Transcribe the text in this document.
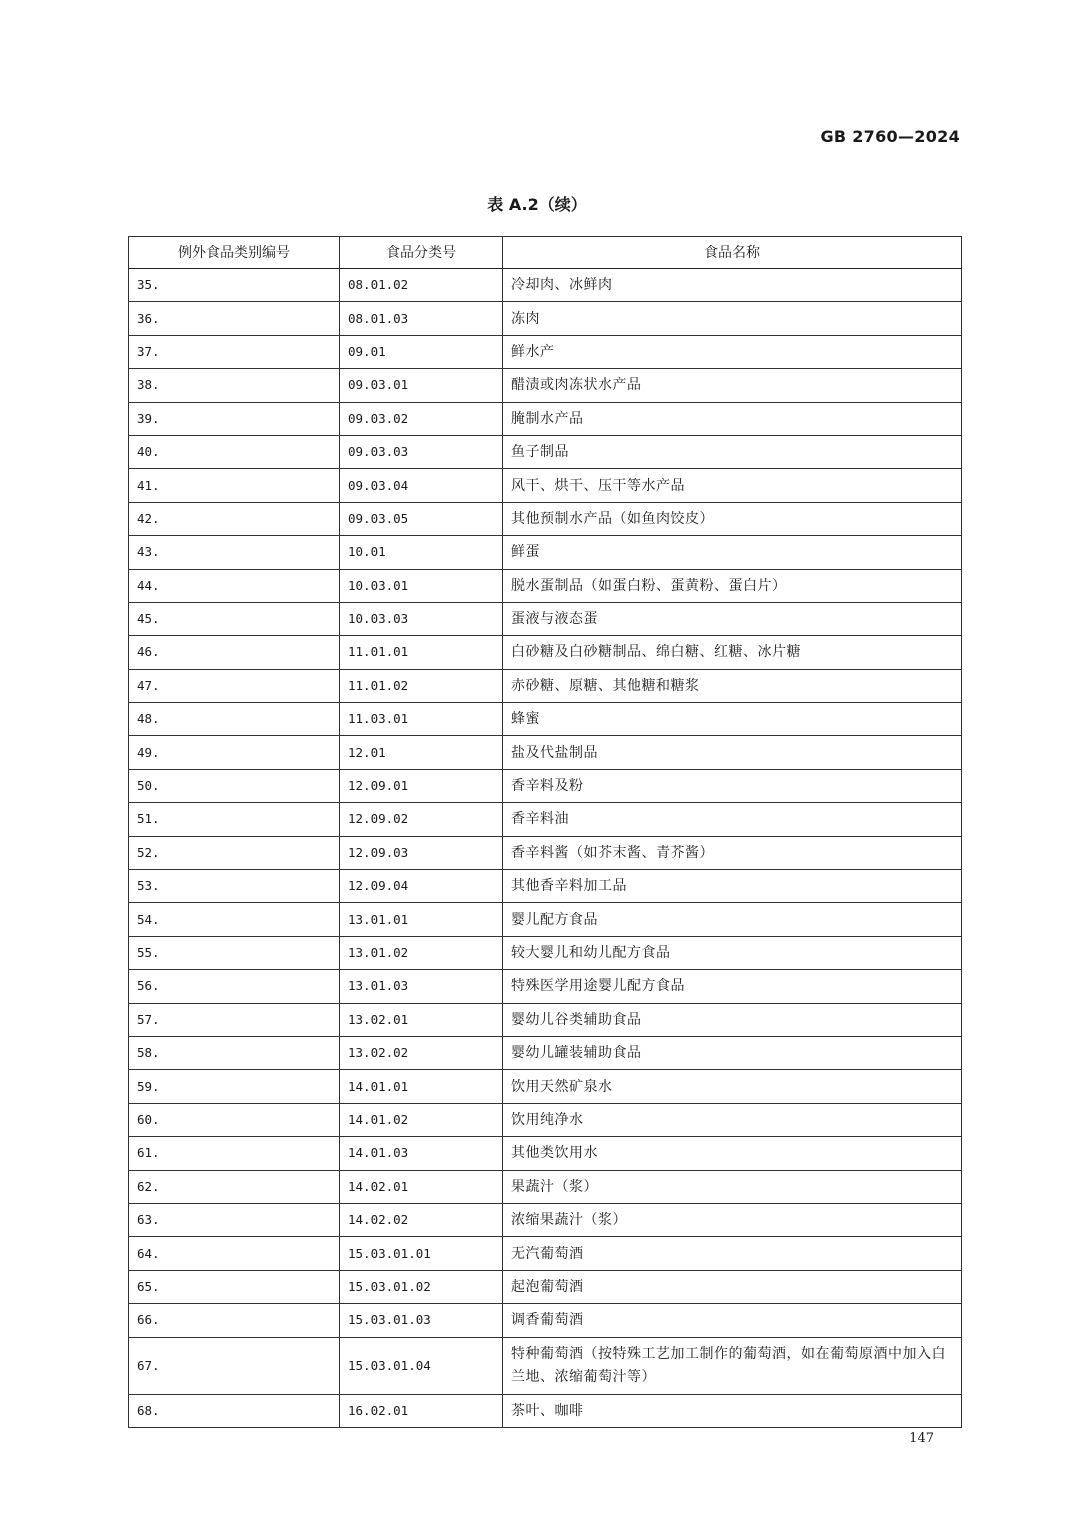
GB 2760—2024
表 A.2（续）
例外食品类别编号	食品分类号	食品名称
35.	08.01.02	冷却肉、冰鲜肉
36.	08.01.03	冻肉
37.	09.01	鲜水产
38.	09.03.01	醋渍或肉冻状水产品
39.	09.03.02	腌制水产品
40.	09.03.03	鱼子制品
41.	09.03.04	风干、烘干、压干等水产品
42.	09.03.05	其他预制水产品（如鱼肉饺皮）
43.	10.01	鲜蛋
44.	10.03.01	脱水蛋制品（如蛋白粉、蛋黄粉、蛋白片）
45.	10.03.03	蛋液与液态蛋
46.	11.01.01	白砂糖及白砂糖制品、绵白糖、红糖、冰片糖
47.	11.01.02	赤砂糖、原糖、其他糖和糖浆
48.	11.03.01	蜂蜜
49.	12.01	盐及代盐制品
50.	12.09.01	香辛料及粉
51.	12.09.02	香辛料油
52.	12.09.03	香辛料酱（如芥末酱、青芥酱）
53.	12.09.04	其他香辛料加工品
54.	13.01.01	婴儿配方食品
55.	13.01.02	较大婴儿和幼儿配方食品
56.	13.01.03	特殊医学用途婴儿配方食品
57.	13.02.01	婴幼儿谷类辅助食品
58.	13.02.02	婴幼儿罐装辅助食品
59.	14.01.01	饮用天然矿泉水
60.	14.01.02	饮用纯净水
61.	14.01.03	其他类饮用水
62.	14.02.01	果蔬汁（浆）
63.	14.02.02	浓缩果蔬汁（浆）
64.	15.03.01.01	无汽葡萄酒
65.	15.03.01.02	起泡葡萄酒
66.	15.03.01.03	调香葡萄酒
67.	15.03.01.04	特种葡萄酒（按特殊工艺加工制作的葡萄酒，如在葡萄原酒中加入白兰地、浓缩葡萄汁等）
68.	16.02.01	茶叶、咖啡
147
